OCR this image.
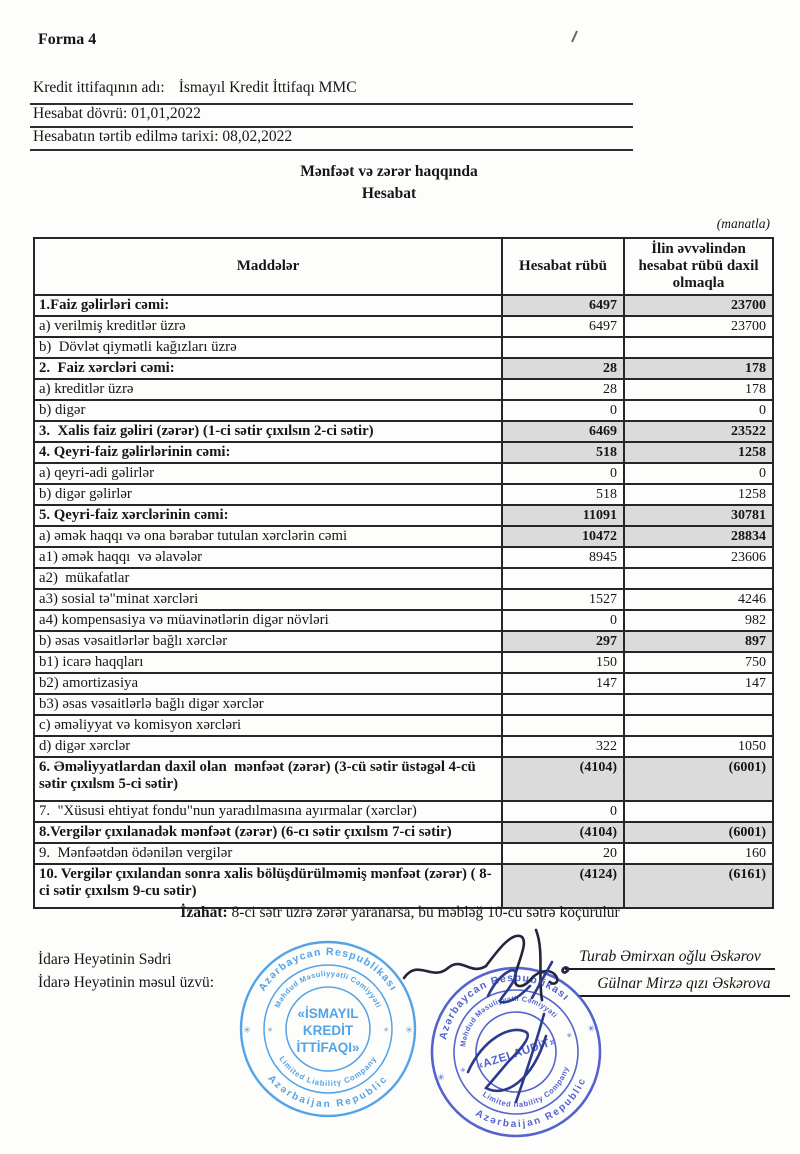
Forma 4
Kredit ittifaqının adı: İsmayıl Kredit İttifaqı MMC
Hesabat dövrü: 01,01,2022
Hesabatın tərtib edilmə tarixi: 08,02,2022
Mənfəət və zərər haqqında
Hesabat
(manatla)
Maddələr	Hesabat rübü	İlin əvvəlindən hesabat rübü daxil olmaqla
1.Faiz gəlirləri cəmi:	6497	23700
a) verilmiş kreditlər üzrə	6497	23700
b)  Dövlət qiymətli kağızları üzrə		
2.  Faiz xərcləri cəmi:	28	178
a) kreditlər üzrə	28	178
b) digər	0	0
3.  Xalis faiz gəliri (zərər) (1-ci sətir çıxılsın 2-ci sətir)	6469	23522
4. Qeyri-faiz gəlirlərinin cəmi:	518	1258
a) qeyri-adi gəlirlər	0	0
b) digər gəlirlər	518	1258
5. Qeyri-faiz xərclərinin cəmi:	11091	30781
a) əmək haqqı və ona bərabər tutulan xərclərin cəmi	10472	28834
a1) əmək haqqı  və əlavələr	8945	23606
a2)  mükafatlar		
a3) sosial tə"minat xərcləri	1527	4246
a4) kompensasiya və müavinətlərin digər növləri	0	982
b) əsas vəsaitlərlər bağlı xərclər	297	897
b1) icarə haqqları	150	750
b2) amortizasiya	147	147
b3) əsas vəsaitlərlə bağlı digər xərclər		
c) əməliyyat və komisyon xərcləri		
d) digər xərclər	322	1050
6. Əməliyyatlardan daxil olan  mənfəət (zərər) (3-cü sətir üstəgəl 4-cü sətir çıxılsm 5-ci sətir)	(4104)	(6001)
7.  "Xüsusi ehtiyat fondu"nun yaradılmasına ayırmalar (xərclər)	0	
8.Vergilər çıxılanadək mənfəət (zərər) (6-cı sətir çıxılsm 7-ci sətir)	(4104)	(6001)
9.  Mənfəətdən ödənilən vergilər	20	160
10. Vergilər çıxılandan sonra xalis bölüşdürülməmiş mənfəət (zərər) ( 8-ci sətir çıxılsm 9-cu sətir)	(4124)	(6161)
İzahat: 8-ci sətr üzrə zərər yaranarsa, bu məbləğ 10-cu sətrə köçürülür
İdarə Heyətinin Sədri
İdarə Heyətinin məsul üzvü:
Turab Əmirxan oğlu Əskərov
Gülnar Mirzə qızı Əskərova
Azərbaycan Respublikası
Azərbaijan Republic
Məhdud Məsuliyyətli Cəmiyyəti
Limited Liability Company
«İSMAYIL
KREDİT
İTTİFAQI»
✳	✳
✳	✳	Azərbaycan Respublikası
Azərbaijan Republic
Məhdud Məsuliyyətli Cəmiyyəti
Limited liability Company
«AZELAUDİT»
✳
✳
✳
✳
